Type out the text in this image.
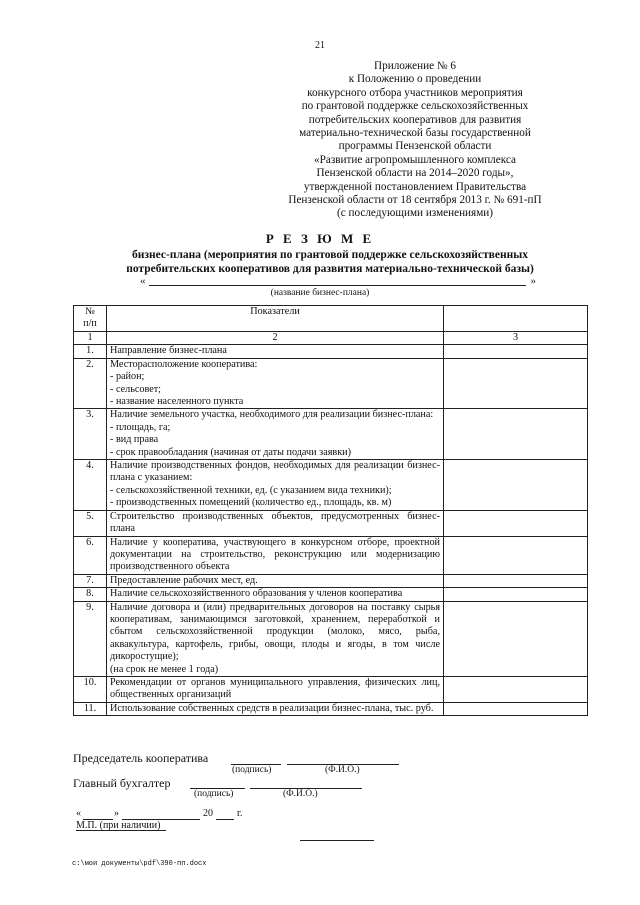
21
Приложение № 6
к Положению о проведении
конкурсного отбора участников мероприятия
по грантовой поддержке сельскохозяйственных
потребительских кооперативов для развития
материально-технической базы государственной
программы Пензенской области
«Развитие агропромышленного комплекса
Пензенской области на 2014–2020 годы»,
утвержденной постановлением Правительства
Пензенской области от 18 сентября 2013 г. № 691-пП
(с последующими изменениями)
Р Е З Ю М Е
бизнес-плана (мероприятия по грантовой поддержке сельскохозяйственных
потребительских кооперативов для развития материально-технической базы)
«	»
(название бизнес-плана)
№
п/п	Показатели	
1	2	3
1.	Направление бизнес-плана	

2.	Месторасположение кооператива:
- район;
- сельсовет;
- название населенного пункта	

3.	Наличие земельного участка, необходимого для реализации бизнес-плана:
- площадь, га;
- вид права
- срок правообладания (начиная от даты подачи заявки)	

4.	Наличие производственных фондов, необходимых для реализации бизнес-плана с указанием:
- сельскохозяйственной техники, ед. (с указанием вида техники);
- производственных помещений (количество ед., площадь, кв. м)	

5.	Строительство производственных объектов, предусмотренных бизнес-плана	

6.	Наличие у кооператива, участвующего в конкурсном отборе, проектной документации на строительство, реконструкцию или модернизацию производственного объекта	

7.	Предоставление рабочих мест, ед.	

8.	Наличие сельскохозяйственного образования у членов кооператива	

9.	Наличие договора и (или) предварительных договоров на поставку сырья кооперативам, занимающимся заготовкой, хранением, переработкой и сбытом сельскохозяйственной продукции (молоко, мясо, рыба, аквакультура, картофель, грибы, овощи, плоды и ягоды, в том числе дикоростущие);
(на срок не менее 1 года)	

10.	Рекомендации от органов муниципального управления, физических лиц, общественных организаций	

11.	Использование собственных средств в реализации бизнес-плана, тыс. руб.	

Председатель кооператива
(подпись)	(Ф.И.О.)
Главный бухгалтер
(подпись)	(Ф.И.О.)
«	»	20 г.
М.П. (при наличии)
c:\мои документы\pdf\390-пп.docx
